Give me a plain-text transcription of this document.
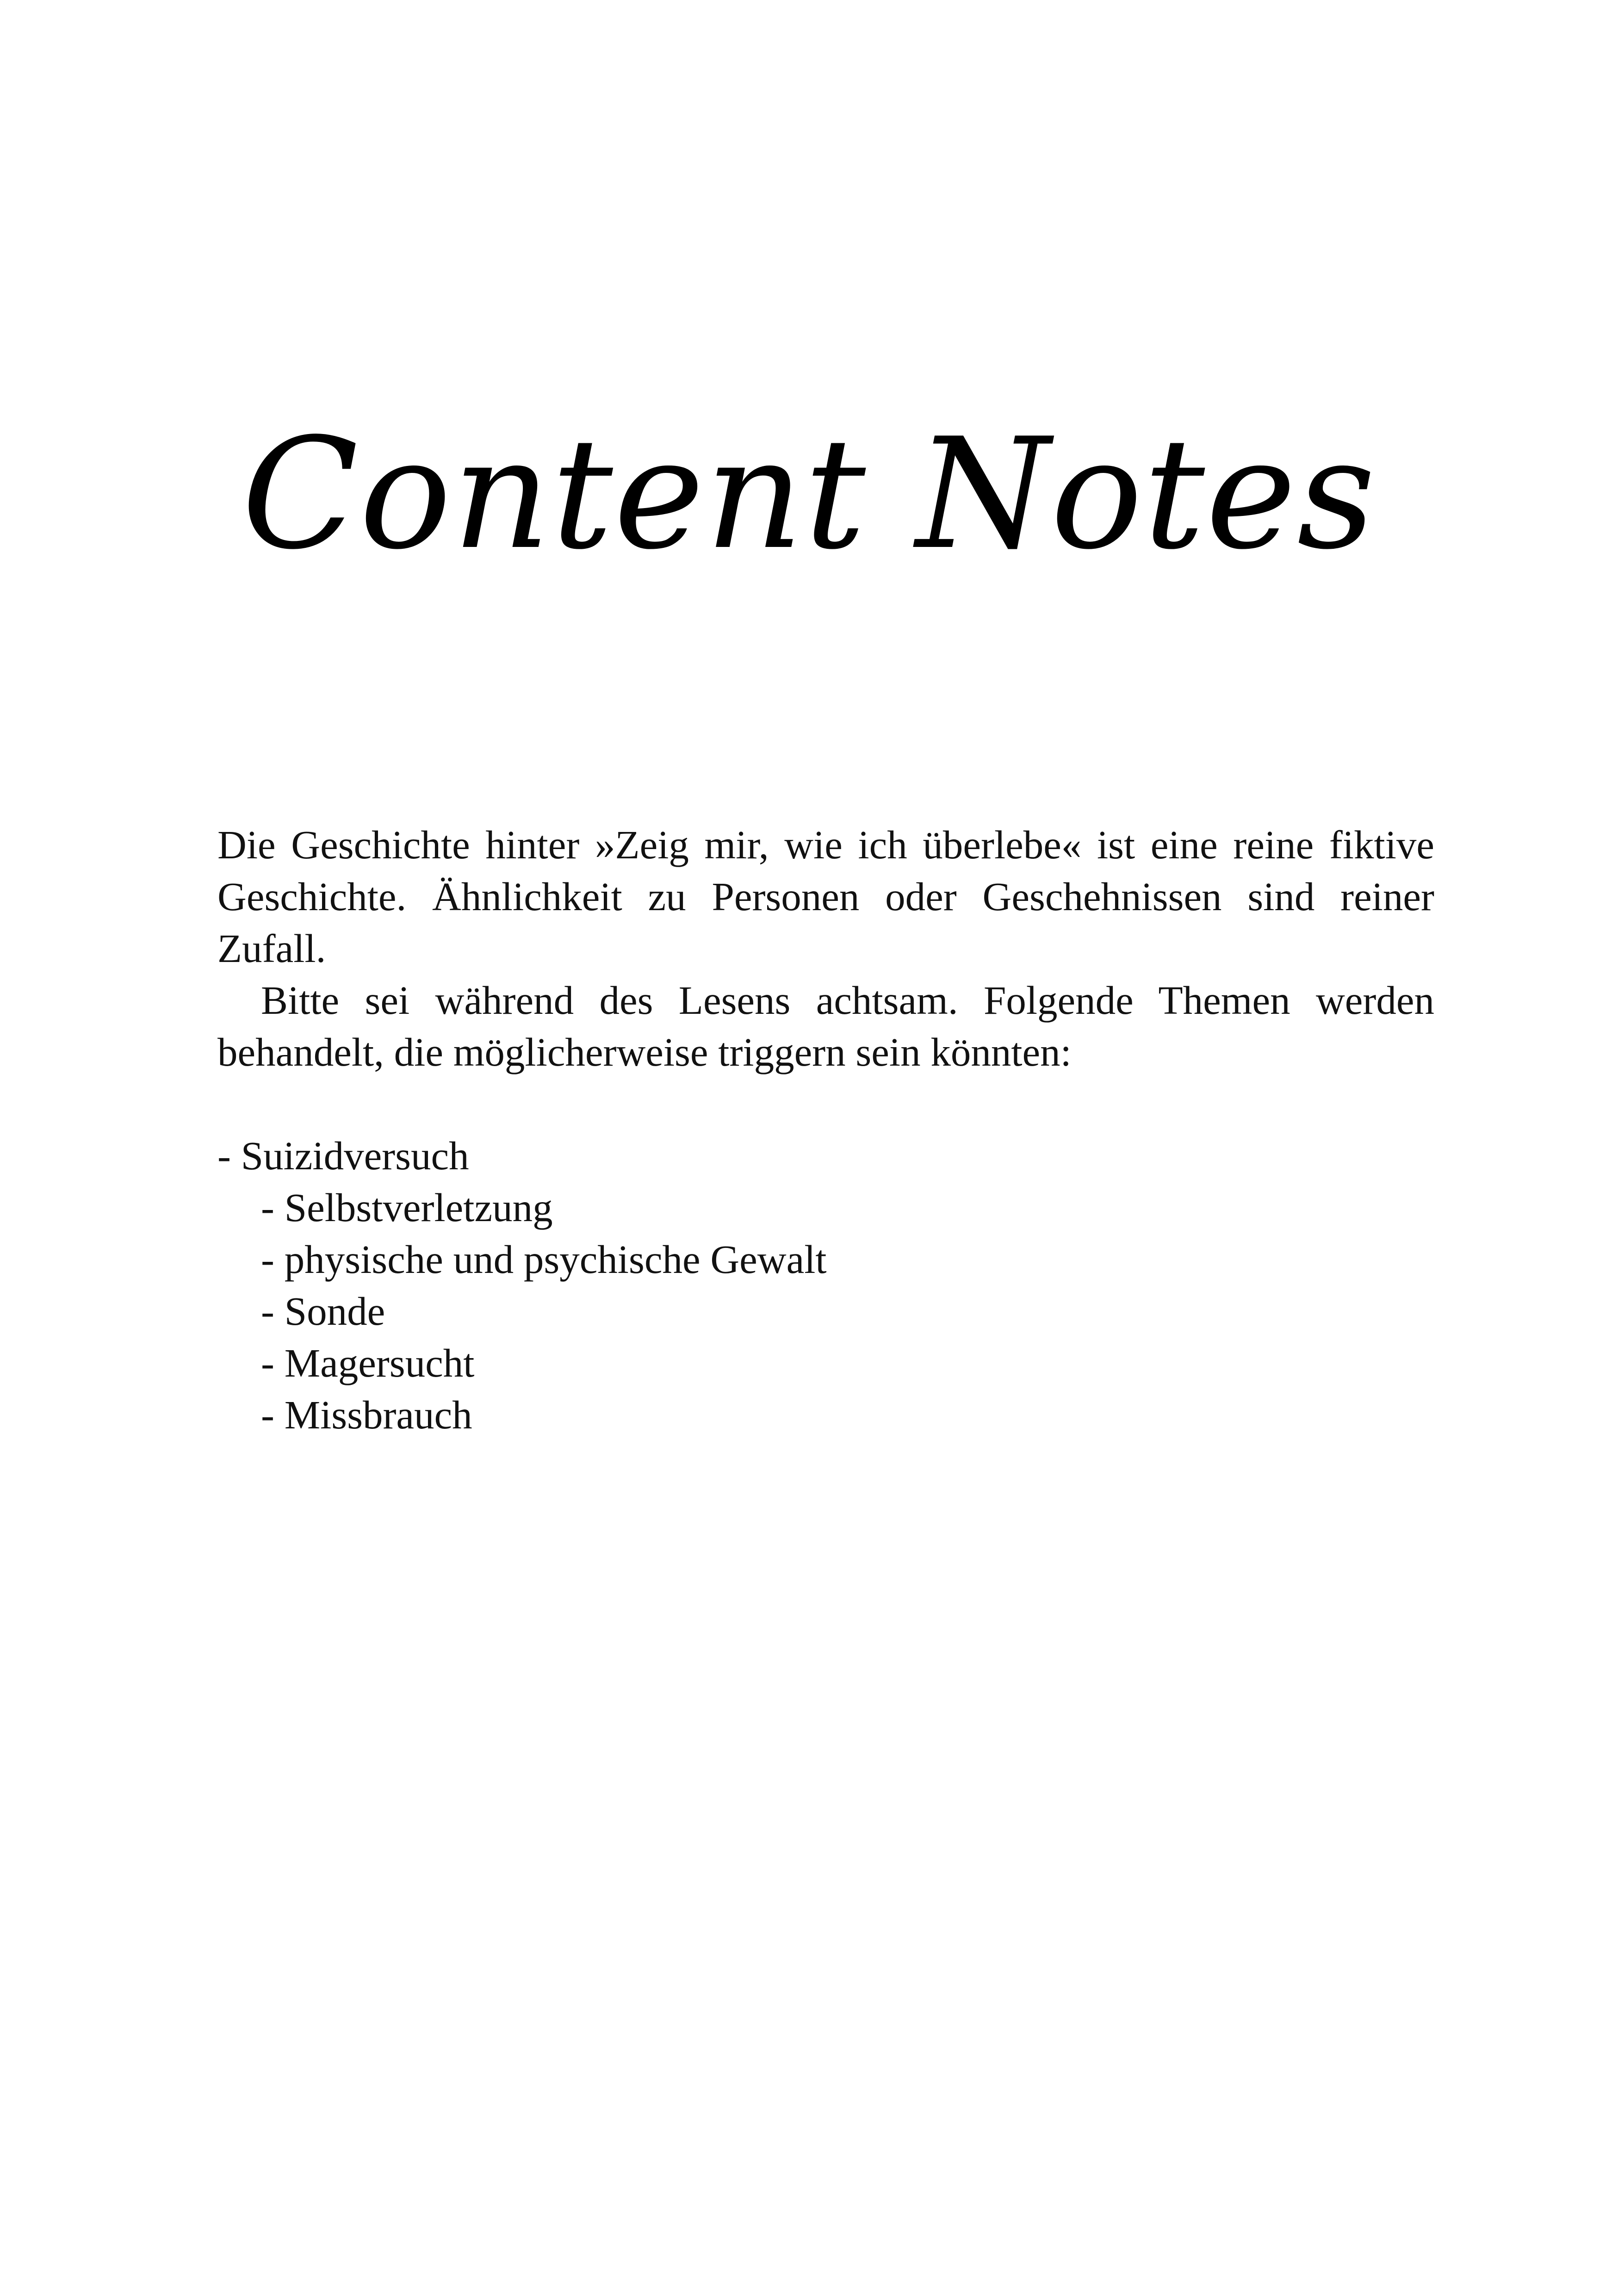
Content Notes

Die Geschichte hinter »Zeig mir, wie ich überlebe« ist eine reine fiktive Geschichte. Ähnlichkeit zu Personen oder Geschehnissen sind reiner Zufall.

Bitte sei während des Lesens achtsam. Folgende Themen werden behandelt, die möglicherweise triggern sein könnten:

- Suizidversuch
- Selbstverletzung
- physische und psychische Gewalt
- Sonde
- Magersucht
- Missbrauch
